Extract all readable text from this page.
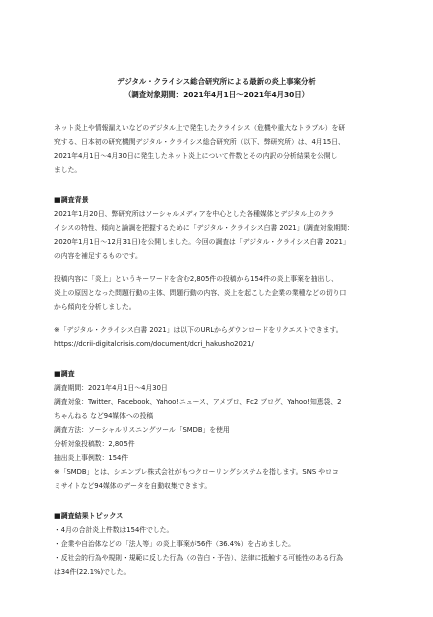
デジタル・クライシス総合研究所による最新の炎上事案分析
（調査対象期間：2021年4月1日〜2021年4月30日）
ネット炎上や情報漏えいなどのデジタル上で発生したクライシス（危機や重大なトラブル）を研
究する、日本初の研究機関デジタル・クライシス総合研究所（以下、弊研究所）は、4月15日、
2021年4月1日〜4月30日に発生したネット炎上について件数とその内訳の分析結果を公開し
ました。
■調査背景
2021年1月20日、弊研究所はソーシャルメディアを中心とした各種媒体とデジタル上のクラ
イシスの特性、傾向と論調を把握するために「デジタル・クライシス白書 2021」(調査対象期間：
2020年1月1日〜12月31日)を公開しました。今回の調査は「デジタル・クライシス白書 2021」
の内容を補足するものです。
投稿内容に「炎上」というキーワードを含む2,805件の投稿から154件の炎上事案を抽出し、
炎上の原因となった問題行動の主体、問題行動の内容、炎上を起こした企業の業種などの切り口
から傾向を分析しました。
※「デジタル・クライシス白書 2021」は以下のURLからダウンロードをリクエストできます。
https://dcrii-digitalcrisis.com/document/dcri_hakusho2021/
■調査
調査期間：2021年4月1日〜4月30日
調査対象：Twitter、Facebook、Yahoo!ニュース、アメブロ、Fc2 ブログ、Yahoo!知恵袋、2
ちゃんねる など94媒体への投稿
調査方法：ソーシャルリスニングツール「SMDB」を使用
分析対象投稿数：2,805件
抽出炎上事例数：154件
※「SMDB」とは、シエンプレ株式会社がもつクローリングシステムを指します。SNS やロコ
ミサイトなど94媒体のデータを自動収集できます。
■調査結果トピックス
・4月の合計炎上件数は154件でした。
・企業や自治体などの「法人等」の炎上事案が56件（36.4%）を占めました。
・反社会的行為や規則・規範に反した行為（の告白・予告）、法律に抵触する可能性のある行為
は34件(22.1%)でした。
